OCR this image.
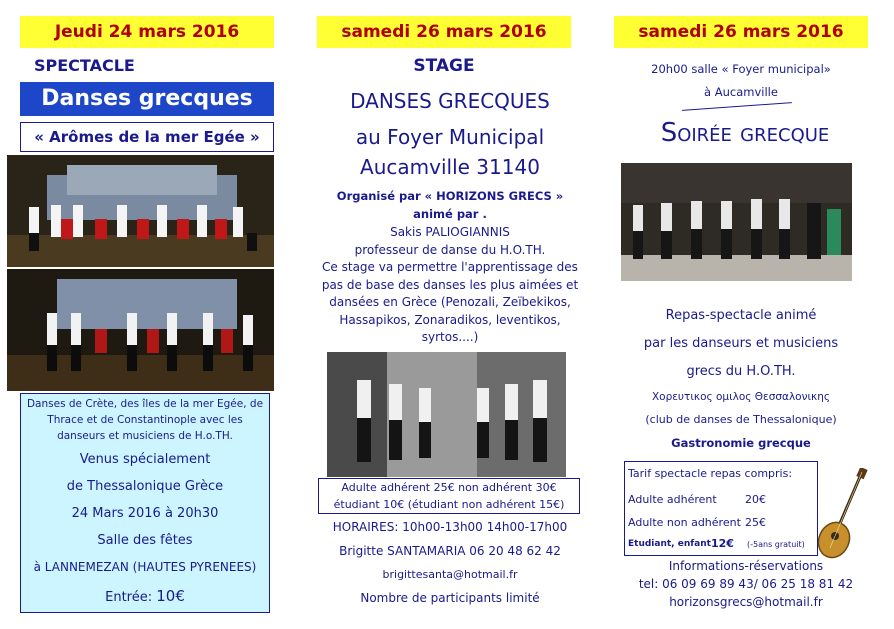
Jeudi 24 mars 2016
SPECTACLE
Danses grecques
« Arômes de la mer Egée »
Danses de Crète, des îles de la mer Egée, de
Thrace et de Constantinople avec les
danseurs et musiciens de H.o.TH.
Venus spécialement
de Thessalonique Grèce
24 Mars 2016 à 20h30
Salle des fêtes
à LANNEMEZAN (HAUTES PYRENEES)
Entrée: 10€
samedi 26 mars 2016
STAGE
DANSES GRECQUES
au Foyer Municipal
Aucamville 31140
Organisé par « HORIZONS GRECS »
animé par .
Sakis PALIOGIANNIS
professeur de danse du H.O.TH.
Ce stage va permettre l'apprentissage des
pas de base des danses les plus aimées et
dansées en Grèce (Penozali, Zeïbekikos,
Hassapikos, Zonaradikos, leventikos,
syrtos....)
Adulte adhérent 25€ non adhérent 30€
étudiant 10€ (étudiant non adhérent 15€)
HORAIRES: 10h00-13h00 14h00-17h00
Brigitte SANTAMARIA 06 20 48 62 42
brigittesanta@hotmail.fr
Nombre de participants limité
samedi 26 mars 2016
20h00 salle « Foyer municipal»
à Aucamville
Soirée grecque
Repas-spectacle animé
par les danseurs et musiciens
grecs du H.O.TH.
Χορευτικος ομιλος Θεσσαλονικης
(club de danses de Thessalonique)
Gastronomie grecque
Tarif spectacle repas compris:
Adulte adhérent	20€
Adulte non adhérent 25€
Etudiant, enfant 12€ (-5ans gratuit)
Informations-réservations
tel: 06 09 69 89 43/ 06 25 18 81 42
horizonsgrecs@hotmail.fr
